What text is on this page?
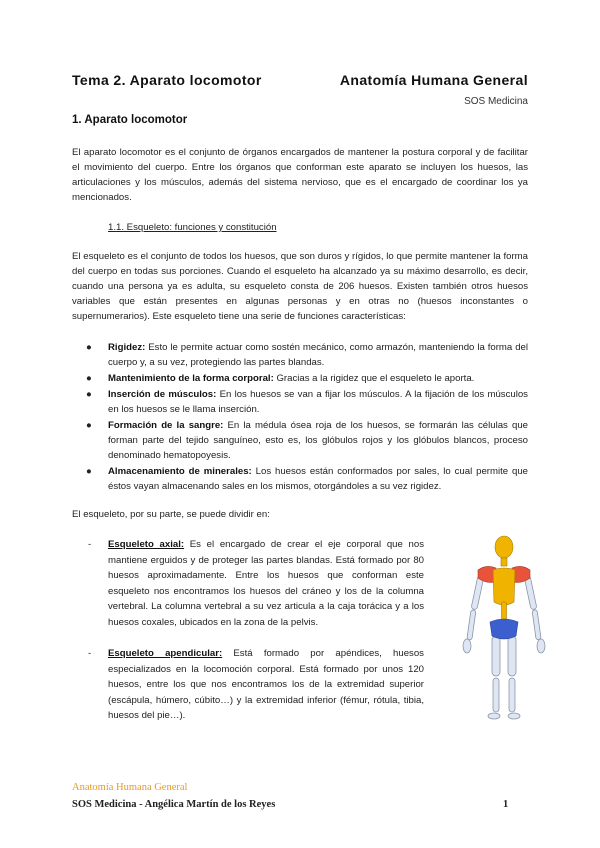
Tema 2. Aparato locomotor	Anatomía Humana General
SOS Medicina
1. Aparato locomotor

El aparato locomotor es el conjunto de órganos encargados de mantener la postura corporal y de facilitar el movimiento del cuerpo. Entre los órganos que conforman este aparato se incluyen los huesos, las articulaciones y los músculos, además del sistema nervioso, que es el encargado de coordinar los ya mencionados.

1.1. Esqueleto: funciones y constitución

El esqueleto es el conjunto de todos los huesos, que son duros y rígidos, lo que permite mantener la forma del cuerpo en todas sus porciones. Cuando el esqueleto ha alcanzado ya su máximo desarrollo, es decir, cuando una persona ya es adulta, su esqueleto consta de 206 huesos. Existen también otros huesos variables que están presentes en algunas personas y en otras no (huesos inconstantes o supernumerarios). Este esqueleto tiene una serie de funciones características:

● Rigidez: Esto le permite actuar como sostén mecánico, como armazón, manteniendo la forma del cuerpo y, a su vez, protegiendo las partes blandas.
● Mantenimiento de la forma corporal: Gracias a la rigidez que el esqueleto le aporta.
● Inserción de músculos: En los huesos se van a fijar los músculos. A la fijación de los músculos en los huesos se le llama inserción.
● Formación de la sangre: En la médula ósea roja de los huesos, se formarán las células que forman parte del tejido sanguíneo, esto es, los glóbulos rojos y los glóbulos blancos, proceso denominado hematopoyesis.
● Almacenamiento de minerales: Los huesos están conformados por sales, lo cual permite que éstos vayan almacenando sales en los mismos, otorgándoles a su vez rigidez.

El esqueleto, por su parte, se puede dividir en:

- Esqueleto axial: Es el encargado de crear el eje corporal que nos mantiene erguidos y de proteger las partes blandas. Está formado por 80 huesos aproximadamente. Entre los huesos que conforman este esqueleto nos encontramos los huesos del cráneo y los de la columna vertebral. La columna vertebral a su vez articula a la caja torácica y a los huesos coxales, ubicados en la zona de la pelvis.
- Esqueleto apendicular: Está formado por apéndices, huesos especializados en la locomoción corporal. Está formado por unos 120 huesos, entre los que nos encontramos los de la extremidad superior (escápula, húmero, cúbito…) y la extremidad inferior (fémur, rótula, tibia, huesos del pie…).
Anatomía Humana General
SOS Medicina - Angélica Martín de los Reyes	1
